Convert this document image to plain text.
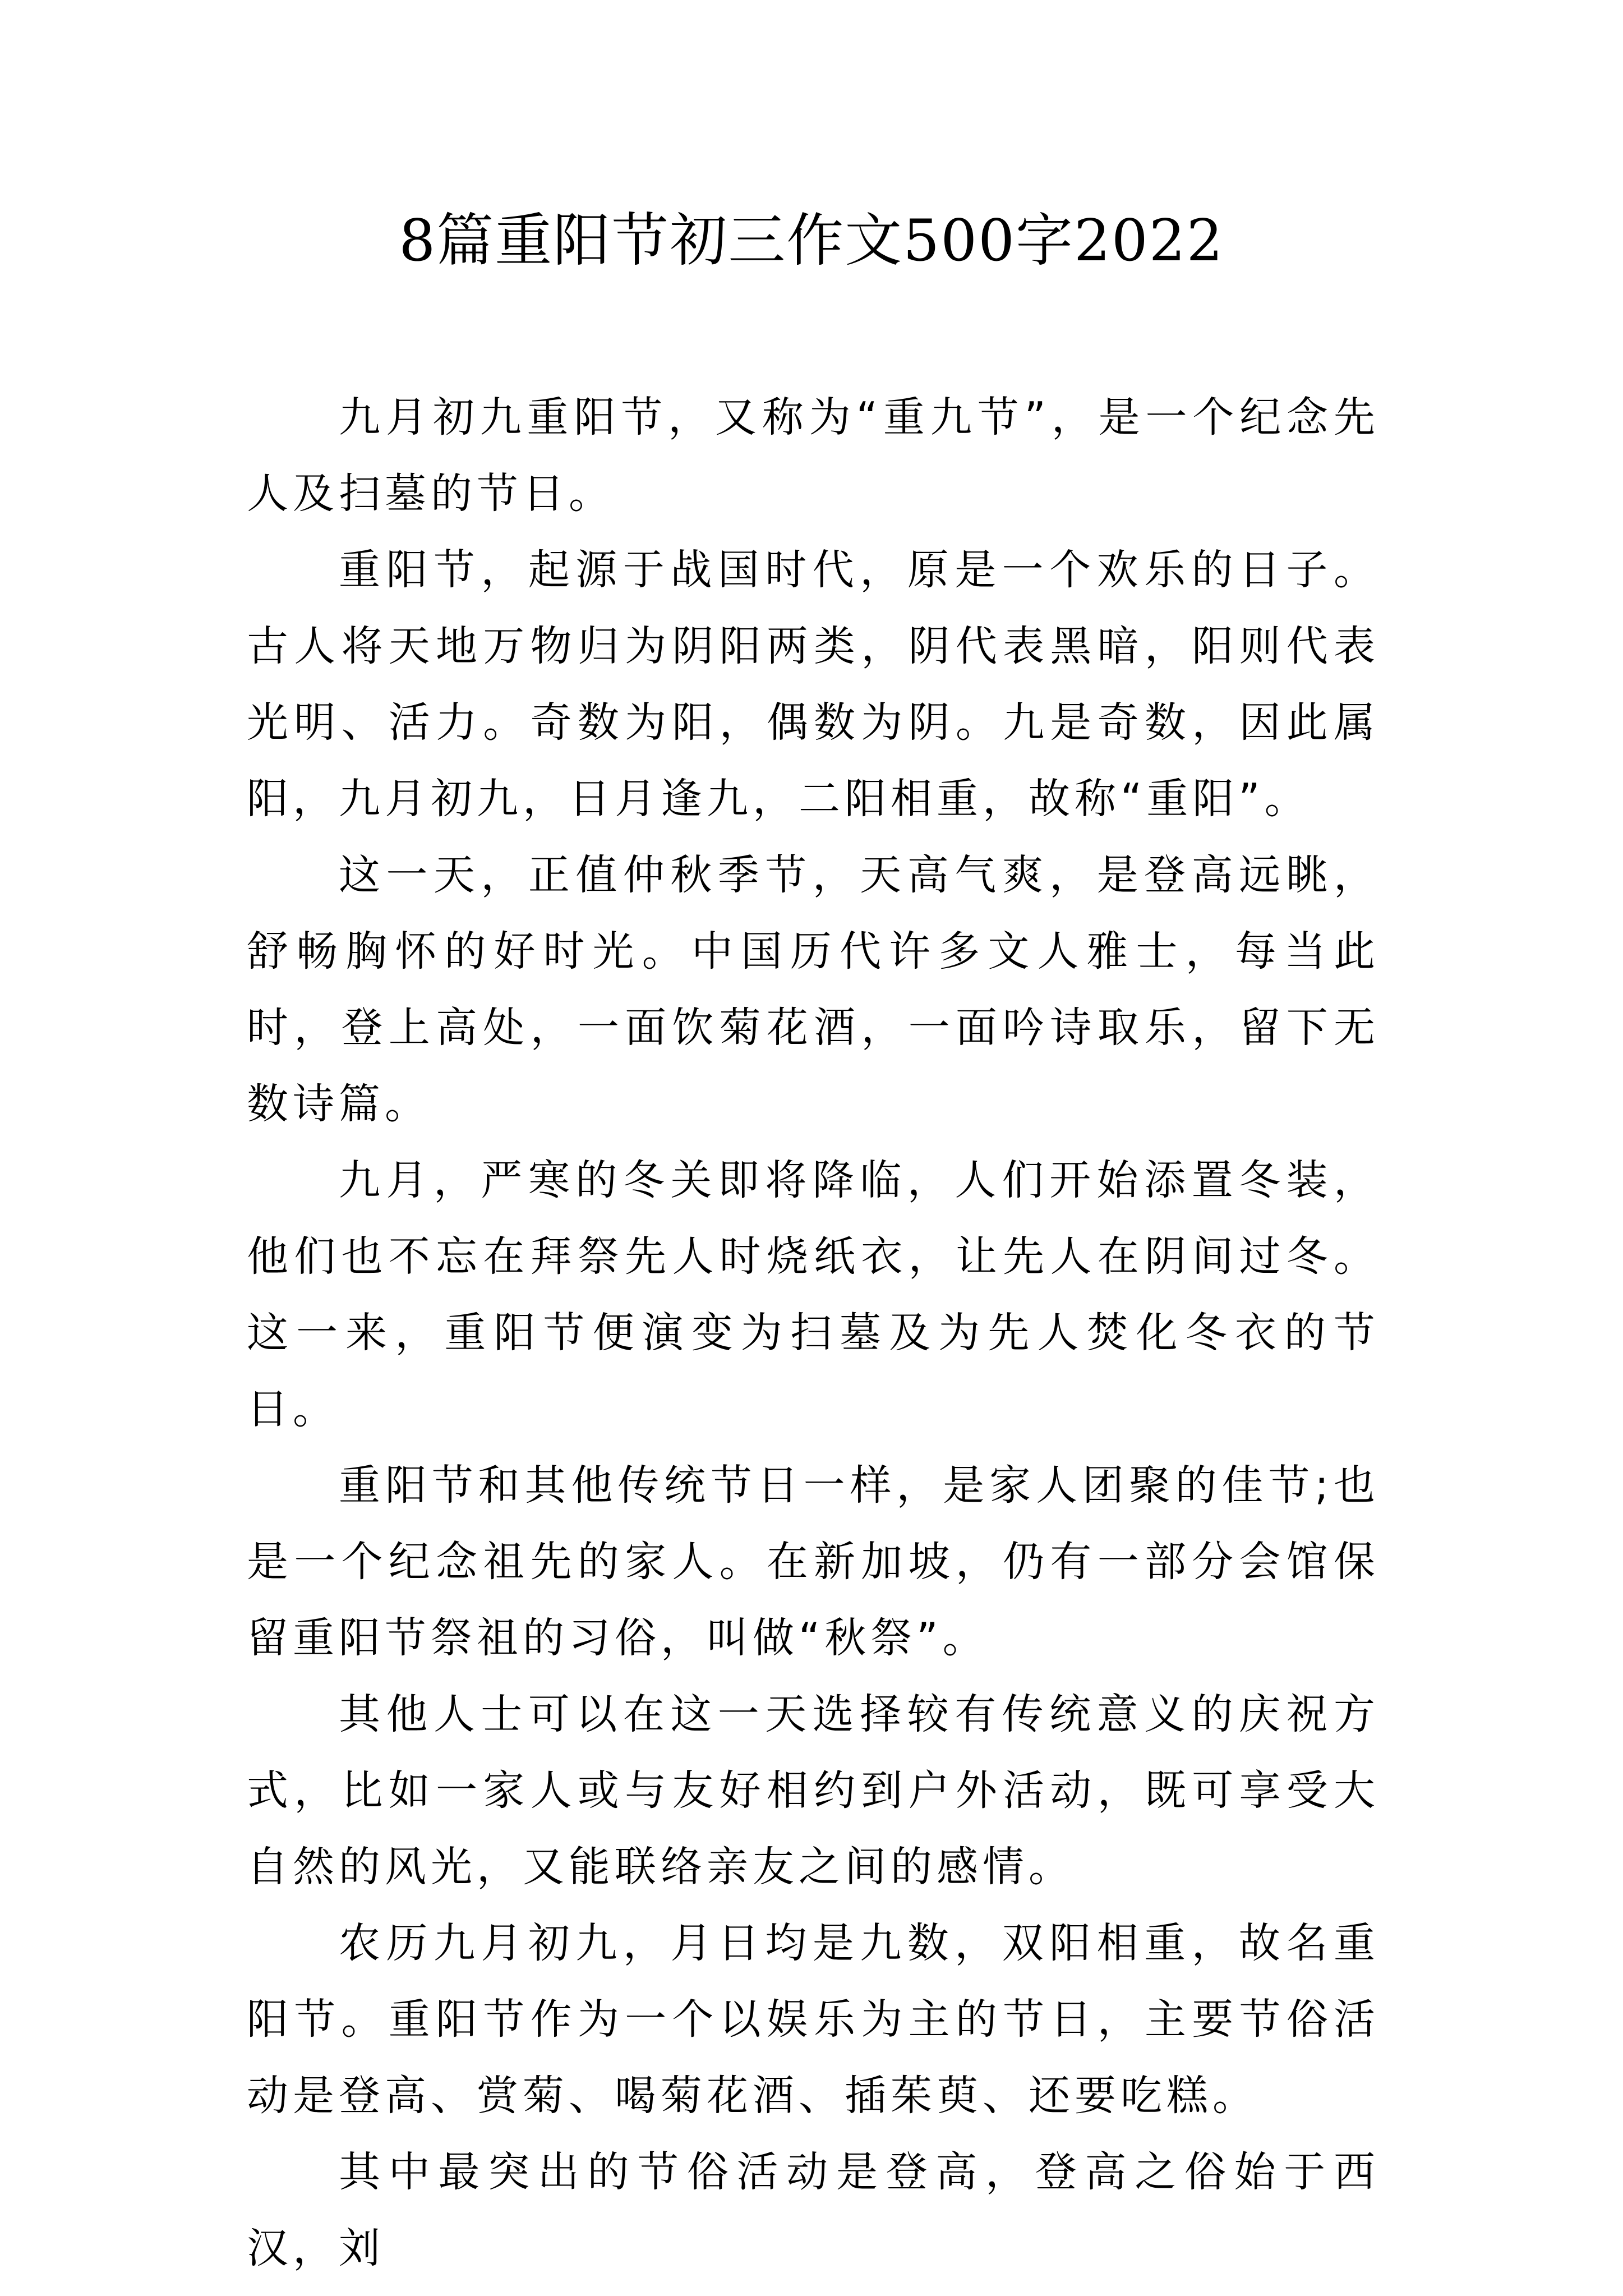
8篇重阳节初三作文500字2022

九月初九重阳节，又称为“重九节”，是一个纪念先人及扫墓的节日。

重阳节，起源于战国时代，原是一个欢乐的日子。古人将天地万物归为阴阳两类，阴代表黑暗，阳则代表光明、活力。奇数为阳，偶数为阴。九是奇数，因此属阳，九月初九，日月逢九，二阳相重，故称“重阳”。

这一天，正值仲秋季节，天高气爽，是登高远眺，舒畅胸怀的好时光。中国历代许多文人雅士，每当此时，登上高处，一面饮菊花酒，一面吟诗取乐，留下无数诗篇。

九月，严寒的冬关即将降临，人们开始添置冬装，他们也不忘在拜祭先人时烧纸衣，让先人在阴间过冬。这一来，重阳节便演变为扫墓及为先人焚化冬衣的节日。

重阳节和其他传统节日一样，是家人团聚的佳节;也是一个纪念祖先的家人。在新加坡，仍有一部分会馆保留重阳节祭祖的习俗，叫做“秋祭”。

其他人士可以在这一天选择较有传统意义的庆祝方式，比如一家人或与友好相约到户外活动，既可享受大自然的风光，又能联络亲友之间的感情。

农历九月初九，月日均是九数，双阳相重，故名重阳节。重阳节作为一个以娱乐为主的节日，主要节俗活动是登高、赏菊、喝菊花酒、插茱萸、还要吃糕。

其中最突出的节俗活动是登高，登高之俗始于西汉，刘
